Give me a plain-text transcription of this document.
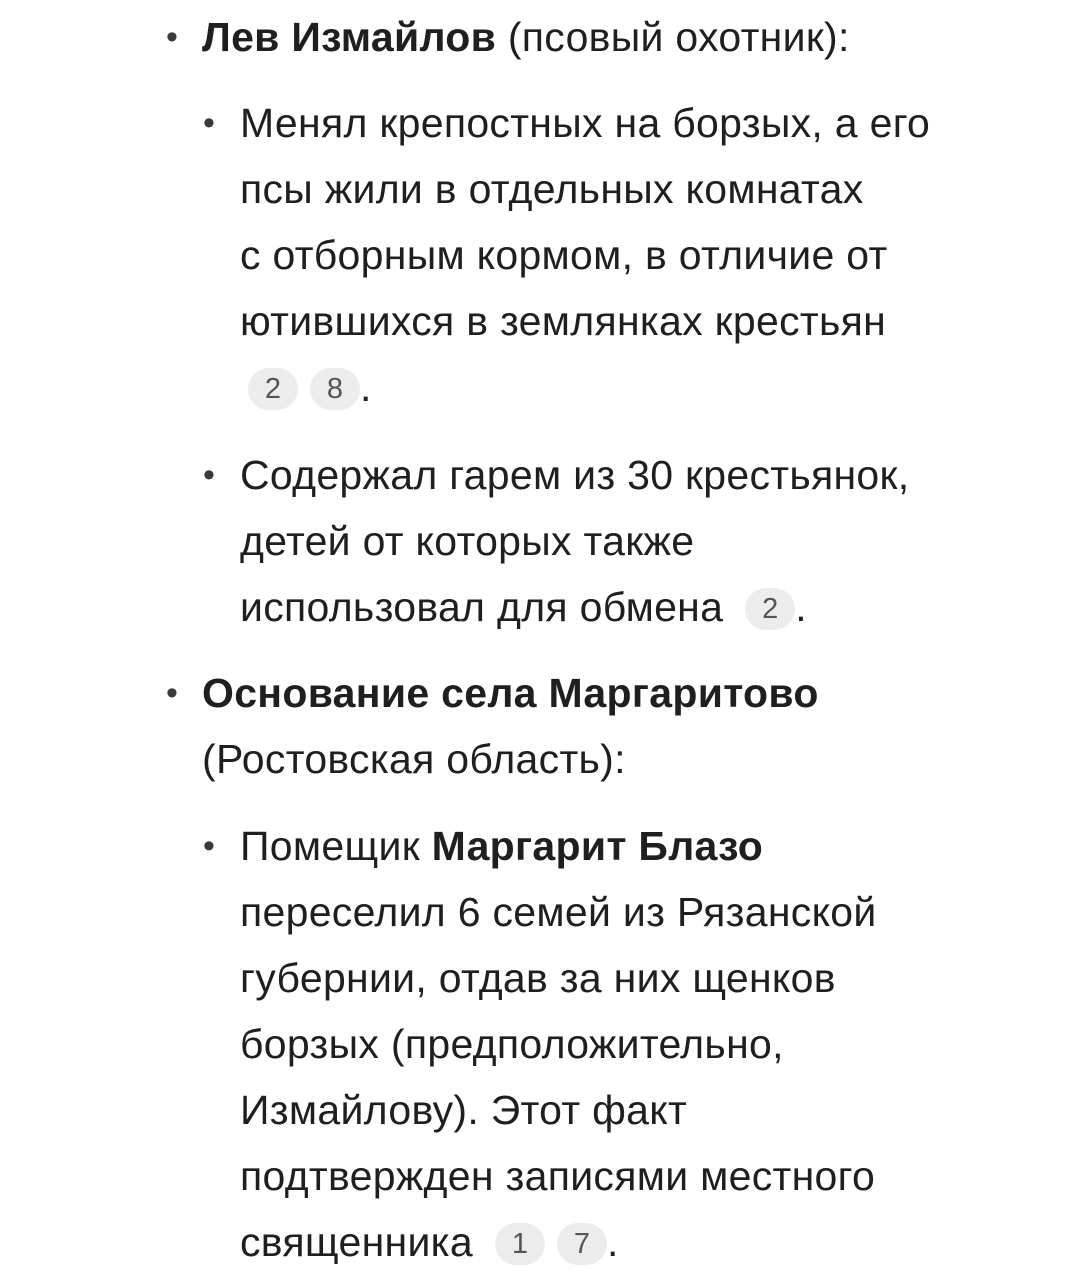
• Лев Измайлов (псовый охотник):
• Менял крепостных на борзых, а его
псы жили в отдельных комнатах
с отборным кормом, в отличие от
ютившихся в землянках крестьян
2 8 .
• Содержал гарем из 30 крестьянок,
детей от которых также
использовал для обмена 2 .
• Основание села Маргаритово
(Ростовская область):
• Помещик Маргарит Блазо
переселил 6 семей из Рязанской
губернии, отдав за них щенков
борзых (предположительно,
Измайлову). Этот факт
подтвержден записями местного
священника 1 7 .
